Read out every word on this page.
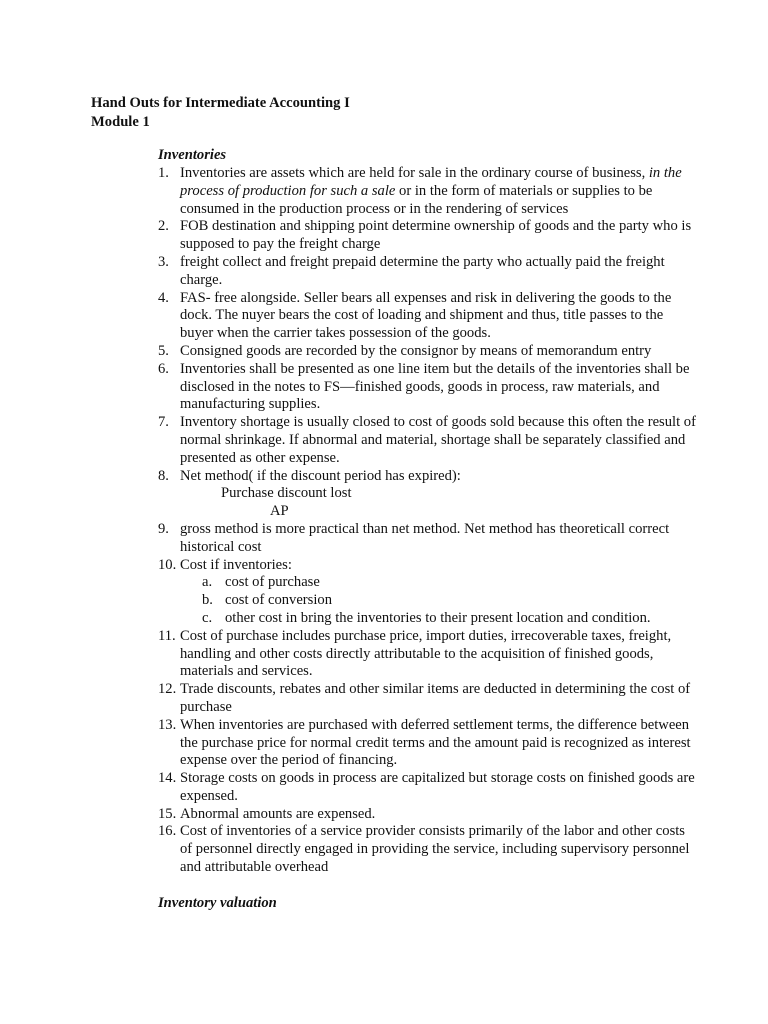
Hand Outs for Intermediate Accounting I
Module 1
Inventories
1. Inventories are assets which are held for sale in the ordinary course of business, in the process of production for such a sale or in the form of materials or supplies to be consumed in the production process or in the rendering of services
2. FOB destination and shipping point determine ownership of goods and the party who is supposed to pay the freight charge
3. freight collect and freight prepaid determine the party who actually paid the freight charge.
4. FAS- free alongside. Seller bears all expenses and risk in delivering the goods to the dock. The nuyer bears the cost of loading and shipment and thus, title passes to the buyer when the carrier takes possession of the goods.
5. Consigned goods are recorded by the consignor by means of memorandum entry
6. Inventories shall be presented as one line item but the details of the inventories shall be disclosed in the notes to FS—finished goods, goods in process, raw materials, and manufacturing supplies.
7. Inventory shortage is usually closed to cost of goods sold because this often the result of normal shrinkage. If abnormal and material, shortage shall be separately classified and presented as other expense.
8. Net method( if the discount period has expired):
Purchase discount lost
AP
9. gross method is more practical than net method. Net method has theoreticall correct historical cost
10. Cost if inventories:
a. cost of purchase
b. cost of conversion
c. other cost in bring the inventories to their present location and condition.
11. Cost of purchase includes purchase price, import duties, irrecoverable taxes, freight, handling and other costs directly attributable to the acquisition of finished goods, materials and services.
12. Trade discounts, rebates and other similar items are deducted in determining the cost of purchase
13. When inventories are purchased with deferred settlement terms, the difference between the purchase price for normal credit terms and the amount paid is recognized as interest expense over the period of financing.
14. Storage costs on goods in process are capitalized but storage costs on finished goods are expensed.
15. Abnormal amounts are expensed.
16. Cost of inventories of a service provider consists primarily of the labor and other costs of personnel directly engaged in providing the service, including supervisory personnel and attributable overhead
Inventory valuation
